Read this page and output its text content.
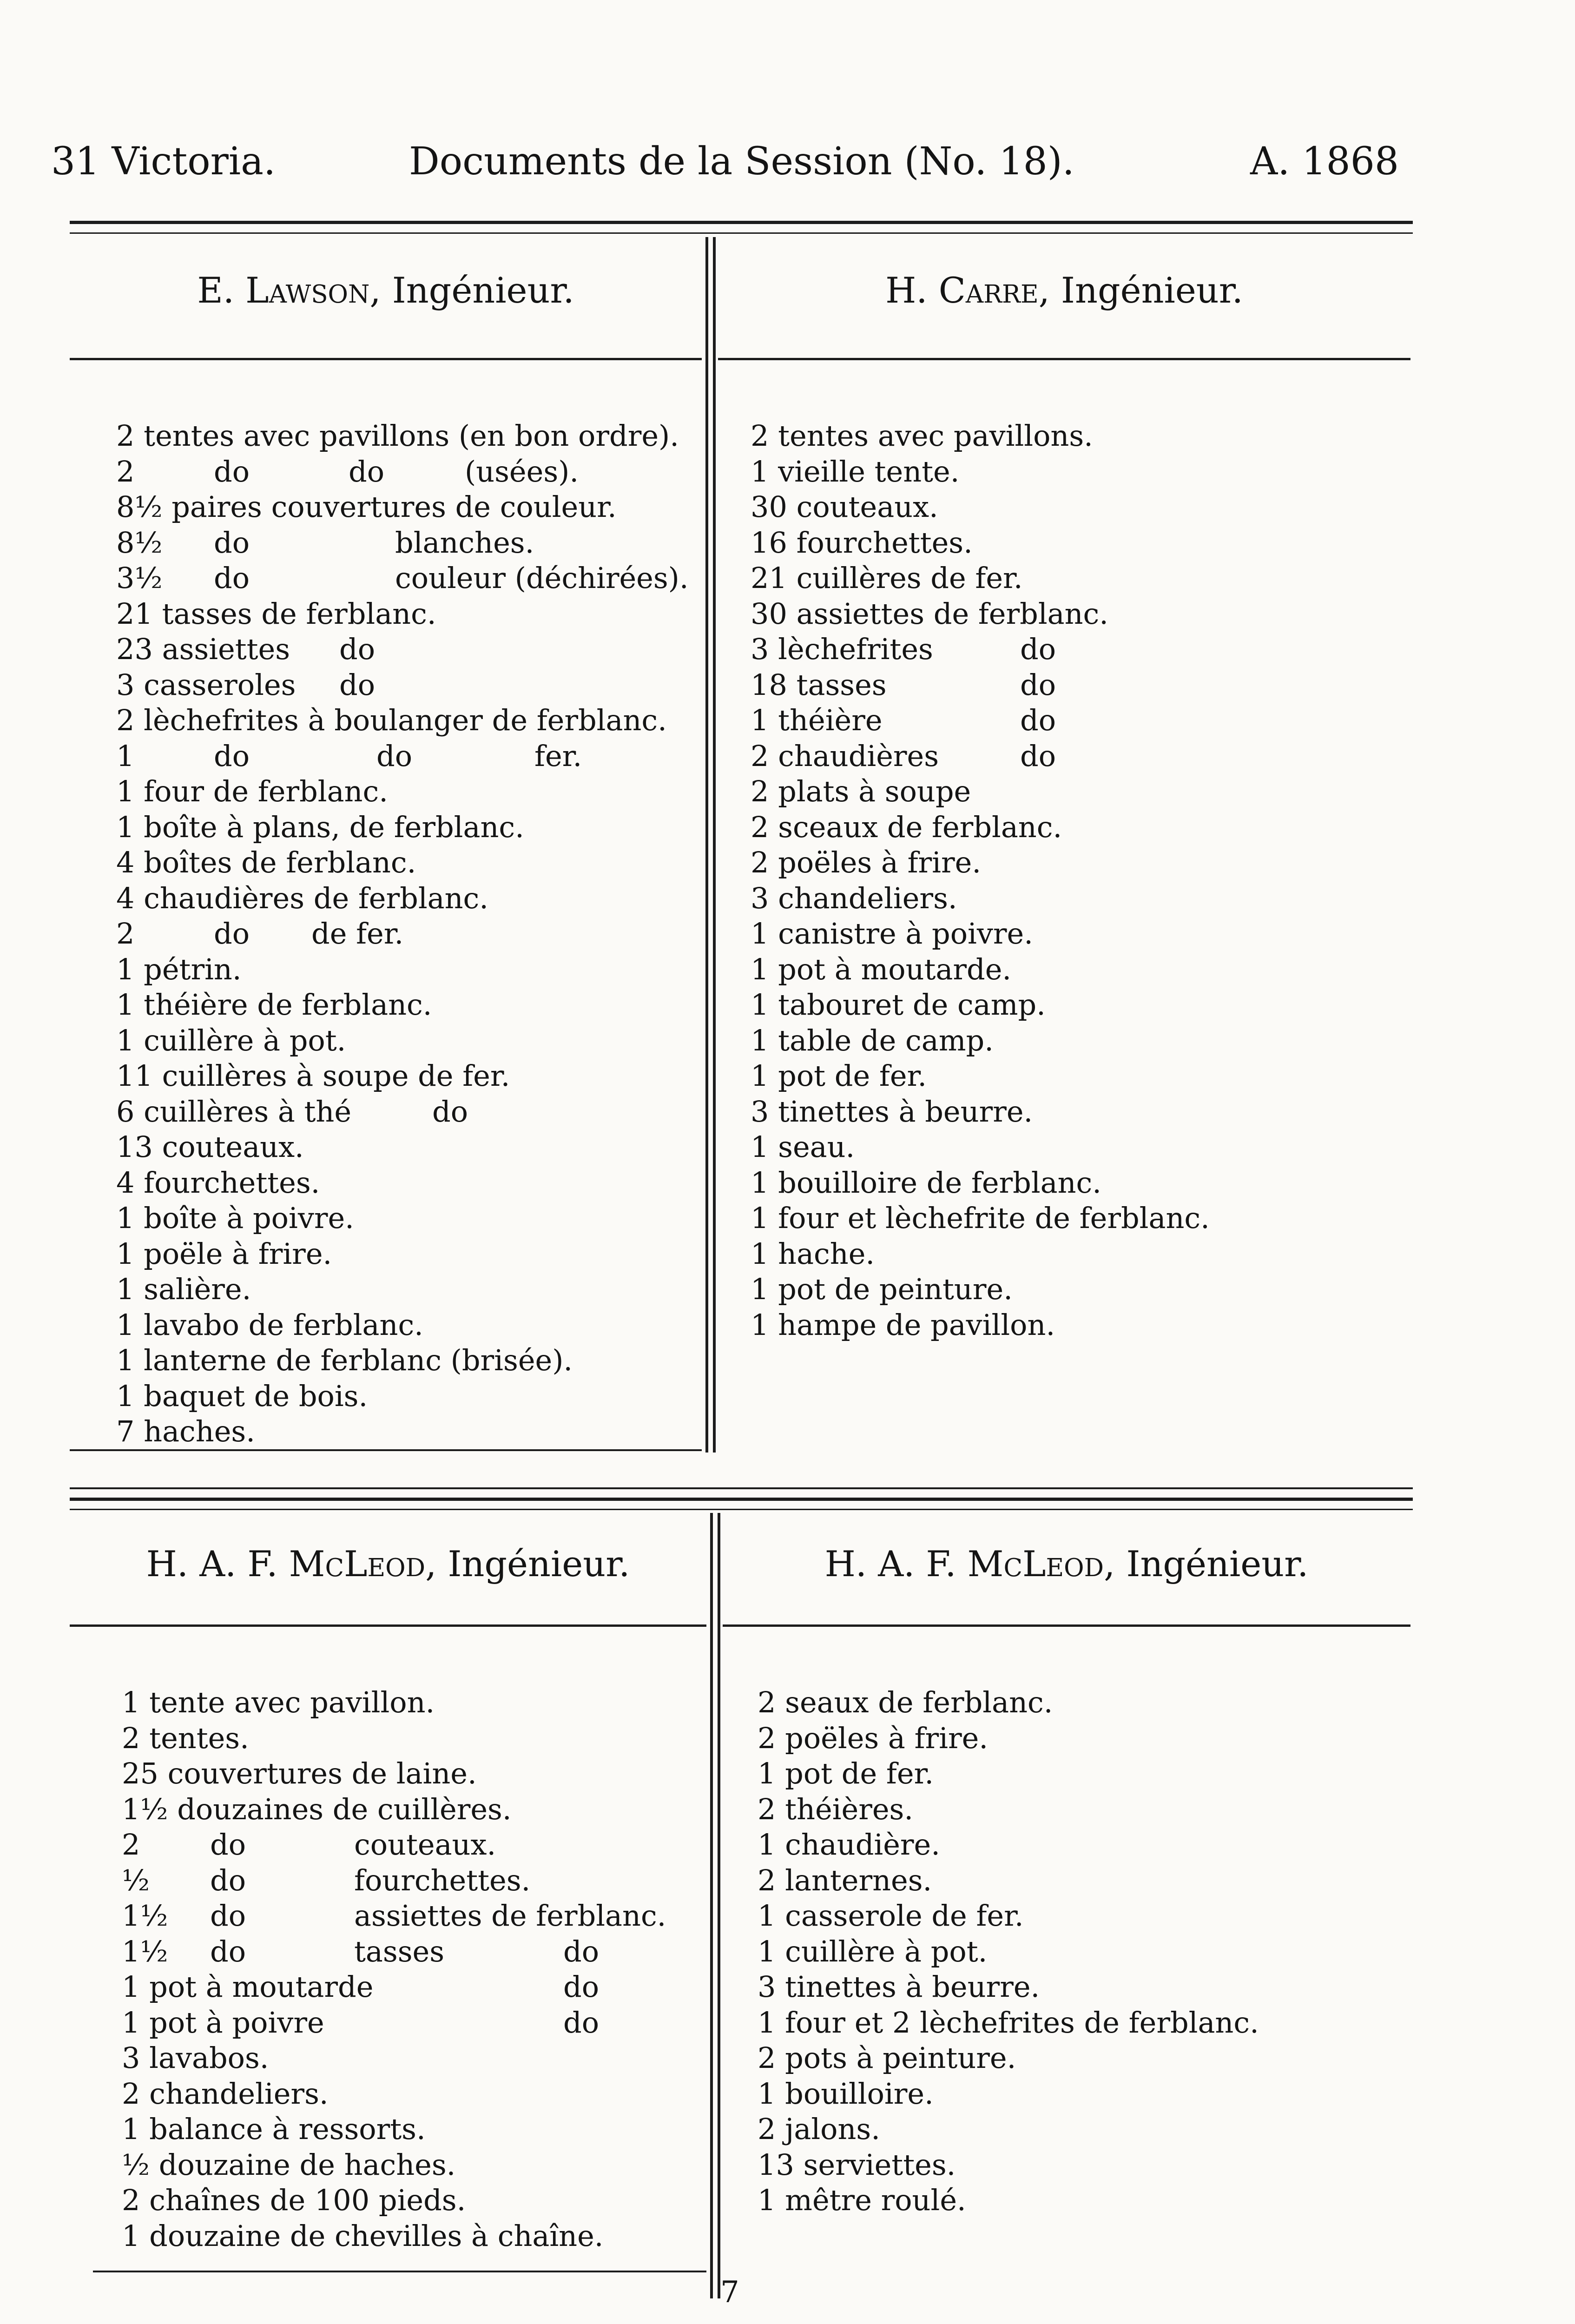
31 Victoria.	Documents de la Session (No. 18).	A. 1868
E. Lawson, Ingénieur.	H. Carre, Ingénieur.
2 tentes avec pavillons (en bon ordre).
2	do	do	(usées).
8½ paires couvertures de couleur.
8½ do	blanches.
3½ do	couleur (déchirées).
21 tasses de ferblanc.
23 assiettes do
3 casseroles do
2 lèchefrites à boulanger de ferblanc.
1	do	do	fer.
1 four de ferblanc.
1 boîte à plans, de ferblanc.
4 boîtes de ferblanc.
4 chaudières de ferblanc.
2	do de fer.
1 pétrin.
1 théière de ferblanc.
1 cuillère à pot.
11 cuillères à soupe de fer.
6 cuillères à thé	do
13 couteaux.
4 fourchettes.
1 boîte à poivre.
1 poële à frire.
1 salière.
1 lavabo de ferblanc.
1 lanterne de ferblanc (brisée).
1 baquet de bois.
7 haches.
2 tentes avec pavillons.
1 vieille tente.
30 couteaux.
16 fourchettes.
21 cuillères de fer.
30 assiettes de ferblanc.
3 lèchefrites	do
18 tasses	do
1 théière	do
2 chaudières	do
2 plats à soupe
2 sceaux de ferblanc.
2 poëles à frire.
3 chandeliers.
1 canistre à poivre.
1 pot à moutarde.
1 tabouret de camp.
1 table de camp.
1 pot de fer.
3 tinettes à beurre.
1 seau.
1 bouilloire de ferblanc.
1 four et lèchefrite de ferblanc.
1 hache.
1 pot de peinture.
1 hampe de pavillon.
H. A. F. McLeod, Ingénieur.	H. A. F. McLeod, Ingénieur.
1 tente avec pavillon.
2 tentes.
25 couvertures de laine.
1½ douzaines de cuillères.
2 do	couteaux.
½ do	fourchettes.
1½ do	assiettes de ferblanc.
1½ do	tasses	do
1 pot à moutarde	do
1 pot à poivre	do
3 lavabos.
2 chandeliers.
1 balance à ressorts.
½ douzaine de haches.
2 chaînes de 100 pieds.
1 douzaine de chevilles à chaîne.
2 seaux de ferblanc.
2 poëles à frire.
1 pot de fer.
2 théières.
1 chaudière.
2 lanternes.
1 casserole de fer.
1 cuillère à pot.
3 tinettes à beurre.
1 four et 2 lèchefrites de ferblanc.
2 pots à peinture.
1 bouilloire.
2 jalons.
13 serviettes.
1 mêtre roulé.
7
